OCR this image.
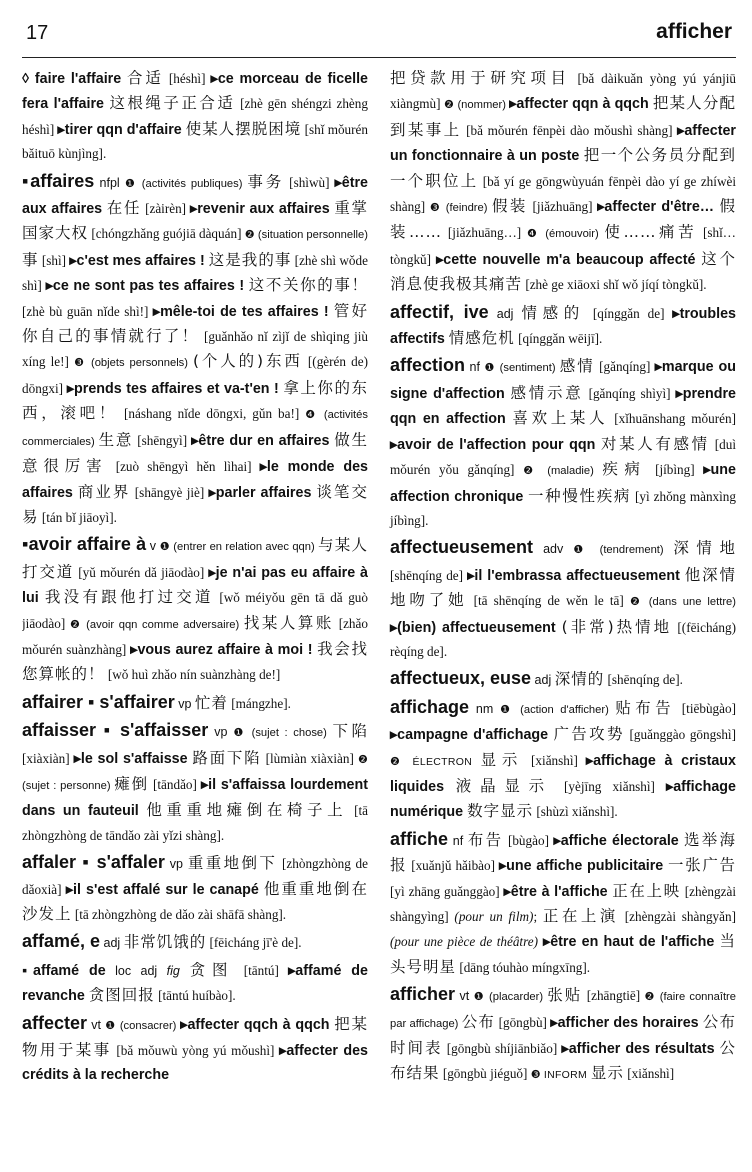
17	afficher

◊ faire l'affaire 合适 [héshì] ▸ce morceau de ficelle fera l'affaire 这根绳子正合适 [zhè gēn shéngzi zhèng héshì] ▸tirer qqn d'affaire 使某人摆脱困境 [shǐ mǒurén bǎituō kùnjìng].

▪affaires nfpl ❶ (activités publiques) 事务 [shìwù] ▸être aux affaires 在任 [zàirèn] ▸revenir aux affaires 重掌国家大权 [chóngzhǎng guójiā dàquán] ❷ (situation personnelle) 事 [shì] ▸c'est mes affaires ! 这是我的事 [zhè shì wǒde shì] ▸ce ne sont pas tes affaires ! 这不关你的事！ [zhè bù guān nǐde shì!] ▸mêle-toi de tes affaires ! 管好你自己的事情就行了！ [guǎnhǎo nǐ zìjǐ de shìqing jiù xíng le!] ❸ (objets personnels) (个人的)东西 [(gèrén de) dōngxi] ▸prends tes affaires et va-t'en ! 拿上你的东西，滚吧！ [náshang nǐde dōngxi, gǔn ba!] ❹ (activités commerciales) 生意 [shēngyì] ▸être dur en affaires 做生意很厉害 [zuò shēngyì hěn lìhai] ▸le monde des affaires 商业界 [shāngyè jiè] ▸parler affaires 谈笔交易 [tán bǐ jiāoyì].

▪avoir affaire à v ❶ (entrer en relation avec qqn) 与某人打交道 [yǔ mǒurén dǎ jiāodào] ▸je n'ai pas eu affaire à lui 我没有跟他打过交道 [wǒ méiyǒu gēn tā dǎ guò jiāodào] ❷ (avoir qqn comme adversaire) 找某人算账 [zhǎo mǒurén suànzhàng] ▸vous aurez affaire à moi ! 我会找您算帐的！ [wǒ huì zhǎo nín suànzhàng de!]

affairer ▪ s'affairer vp 忙着 [mángzhe].

affaisser ▪ s'affaisser vp ❶ (sujet : chose) 下陷 [xiàxiàn] ▸le sol s'affaisse 路面下陷 [lùmiàn xiàxiàn] ❷ (sujet : personne) 瘫倒 [tāndǎo] ▸il s'affaissa lourdement dans un fauteuil 他重重地瘫倒在椅子上 [tā zhòngzhòng de tāndǎo zài yǐzi shàng].

affaler ▪ s'affaler vp 重重地倒下 [zhòngzhòng de dǎoxià] ▸il s'est affalé sur le canapé 他重重地倒在沙发上 [tā zhòngzhòng de dǎo zài shāfā shàng].

affamé, e adj 非常饥饿的 [fēicháng jī'è de].

▪affamé de loc adj fig 贪图 [tāntú] ▸affamé de revanche 贪图回报 [tāntú huíbào].

affecter vt ❶ (consacrer) ▸affecter qqch à qqch 把某物用于某事 [bǎ mǒuwù yòng yú mǒushì] ▸affecter des crédits à la recherche

把贷款用于研究项目 [bǎ dàikuǎn yòng yú yánjiū xiàngmù] ❷ (nommer) ▸affecter qqn à qqch 把某人分配到某事上 [bǎ mǒurén fēnpèi dào mǒushì shàng] ▸affecter un fonctionnaire à un poste 把一个公务员分配到一个职位上 [bǎ yí ge gōngwùyuán fēnpèi dào yí ge zhíwèi shàng] ❸ (feindre) 假装 [jiǎzhuāng] ▸affecter d'être… 假装…… [jiǎzhuāng…] ❹ (émouvoir) 使……痛苦 [shǐ… tòngkǔ] ▸cette nouvelle m'a beaucoup affecté 这个消息使我极其痛苦 [zhè ge xiāoxi shǐ wǒ jíqí tòngkǔ].

affectif, ive adj 情感的 [qínggǎn de] ▸troubles affectifs 情感危机 [qínggǎn wēijī].

affection nf ❶ (sentiment) 感情 [gǎnqíng] ▸marque ou signe d'affection 感情示意 [gǎnqíng shìyì] ▸prendre qqn en affection 喜欢上某人 [xǐhuānshang mǒurén] ▸avoir de l'affection pour qqn 对某人有感情 [duì mǒurén yǒu gǎnqíng] ❷ (maladie) 疾病 [jíbìng] ▸une affection chronique 一种慢性疾病 [yì zhǒng mànxìng jíbìng].

affectueusement adv ❶ (tendrement) 深情地 [shēnqíng de] ▸il l'embrassa affectueusement 他深情地吻了她 [tā shēnqíng de wěn le tā] ❷ (dans une lettre) ▸(bien) affectueusement (非常)热情地 [(fēicháng) rèqíng de].

affectueux, euse adj 深情的 [shēnqíng de].

affichage nm ❶ (action d'afficher) 贴布告 [tiēbùgào] ▸campagne d'affichage 广告攻势 [guǎnggào gōngshì] ❷ ÉLECTRON 显示 [xiǎnshì] ▸affichage à cristaux liquides 液晶显示 [yèjīng xiǎnshì] ▸affichage numérique 数字显示 [shùzì xiǎnshì].

affiche nf 布告 [bùgào] ▸affiche électorale 选举海报 [xuǎnjǔ hǎibào] ▸une affiche publicitaire 一张广告 [yì zhāng guǎnggào] ▸être à l'affiche 正在上映 [zhèngzài shàngyìng] (pour un film); 正在上演 [zhèngzài shàngyǎn] (pour une pièce de théâtre) ▸être en haut de l'affiche 当头号明星 [dāng tóuhào míngxīng].

afficher vt ❶ (placarder) 张贴 [zhāngtiē] ❷ (faire connaître par affichage) 公布 [gōngbù] ▸afficher des horaires 公布时间表 [gōngbù shíjiānbiǎo] ▸afficher des résultats 公布结果 [gōngbù jiéguǒ] ❸ INFORM 显示 [xiǎnshì]
